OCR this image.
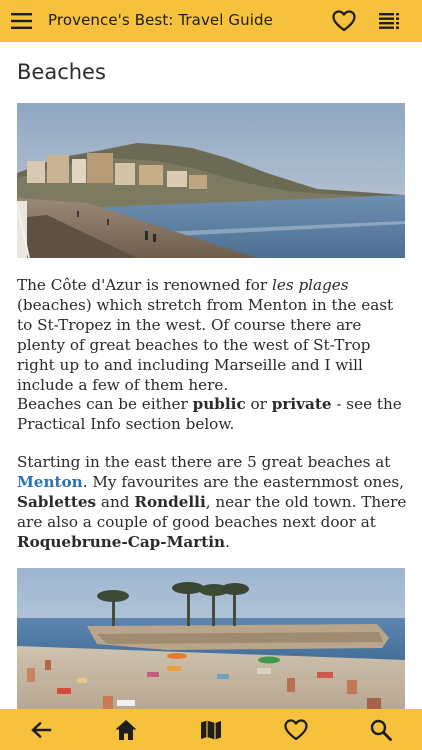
Provence's Best: Travel Guide
Beaches

The Côte d'Azur is renowned for les plages (beaches) which stretch from Menton in the east to St-Tropez in the west. Of course there are plenty of great beaches to the west of St-Trop right up to and including Marseille and I will include a few of them here.

Beaches can be either public or private - see the Practical Info section below.

Starting in the east there are 5 great beaches at Menton. My favourites are the easternmost ones, Sablettes and Rondelli, near the old town. There are also a couple of good beaches next door at Roquebrune-Cap-Martin.
